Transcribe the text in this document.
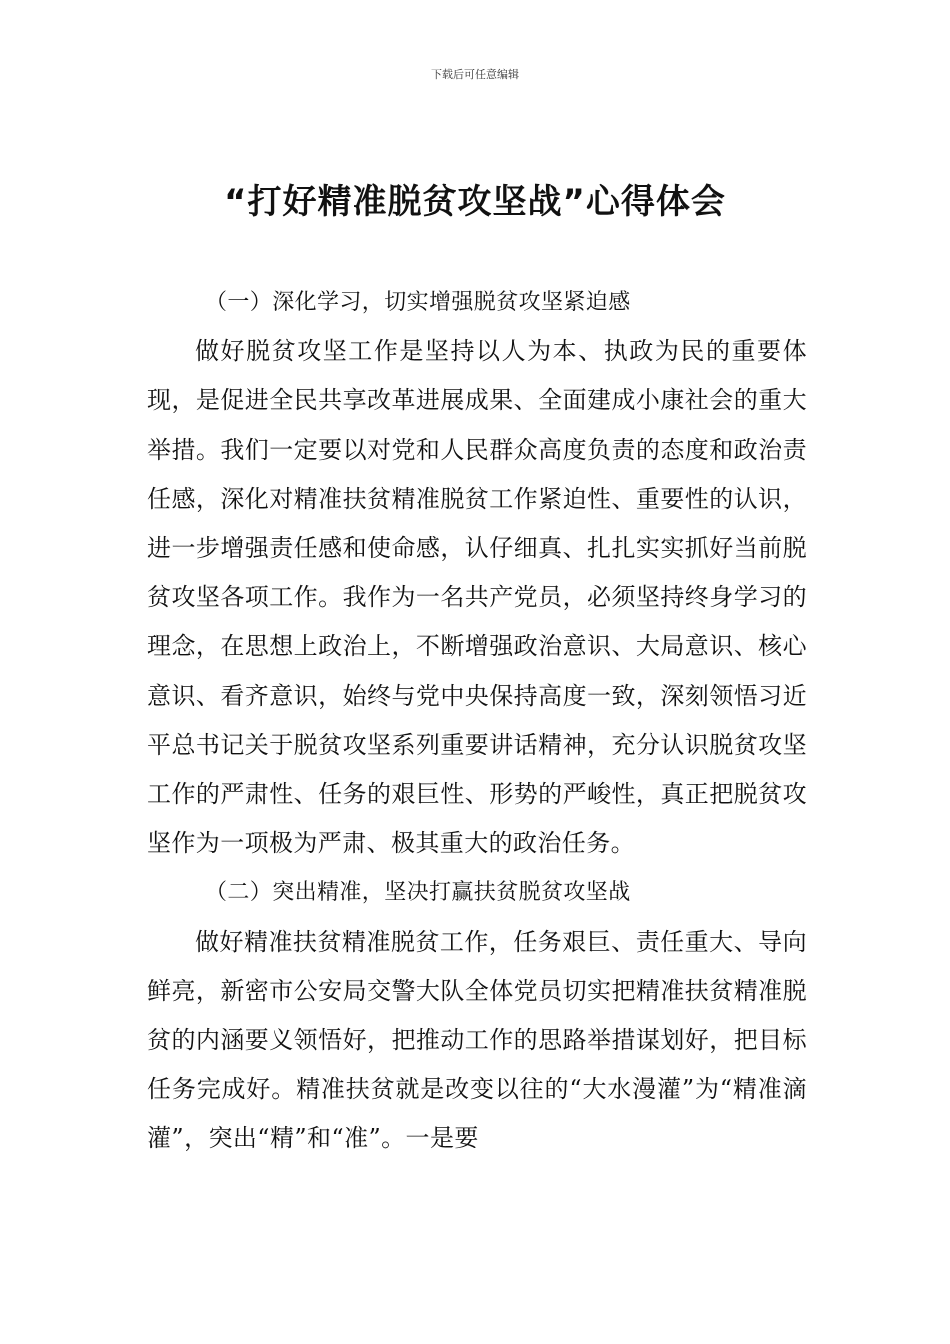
下载后可任意编辑
“打好精准脱贫攻坚战”心得体会

（一）深化学习，切实增强脱贫攻坚紧迫感

做好脱贫攻坚工作是坚持以人为本、执政为民的重要体现，是促进全民共享改革进展成果、全面建成小康社会的重大举措。我们一定要以对党和人民群众高度负责的态度和政治责任感，深化对精准扶贫精准脱贫工作紧迫性、重要性的认识，进一步增强责任感和使命感，认仔细真、扎扎实实抓好当前脱贫攻坚各项工作。我作为一名共产党员，必须坚持终身学习的理念，在思想上政治上，不断增强政治意识、大局意识、核心意识、看齐意识，始终与党中央保持高度一致，深刻领悟习近平总书记关于脱贫攻坚系列重要讲话精神，充分认识脱贫攻坚工作的严肃性、任务的艰巨性、形势的严峻性，真正把脱贫攻坚作为一项极为严肃、极其重大的政治任务。

（二）突出精准，坚决打赢扶贫脱贫攻坚战

做好精准扶贫精准脱贫工作，任务艰巨、责任重大、导向鲜亮，新密市公安局交警大队全体党员切实把精准扶贫精准脱贫的内涵要义领悟好，把推动工作的思路举措谋划好，把目标任务完成好。精准扶贫就是改变以往的“大水漫灌”为“精准滴灌”，突出“精”和“准”。一是要
